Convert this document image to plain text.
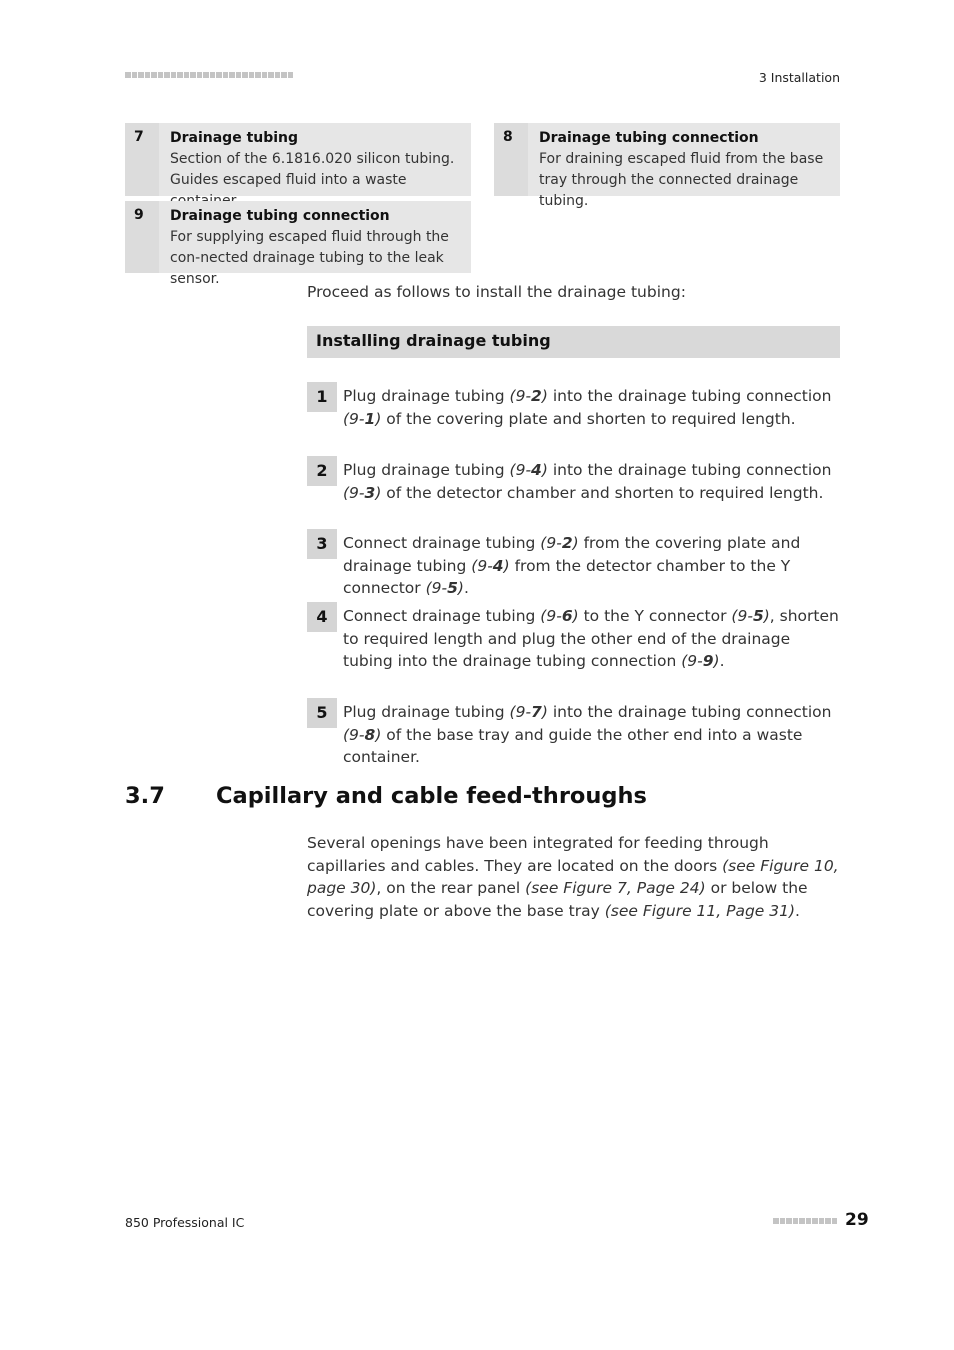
3 Installation
7	Drainage tubing
Section of the 6.1816.020 silicon tubing. Guides escaped fluid into a waste
8	Drainage tubing connection
For draining escaped fluid from the base tray through the connected drainage tubing.
9	Drainage tubing connection
For supplying escaped fluid through the con-nected drainage tubing to the leak sensor.
Proceed as follows to install the drainage tubing:
Installing drainage tubing
1 Plug drainage tubing (9-2) into the drainage tubing connection (9-1) of the covering plate and shorten to required length.
2 Plug drainage tubing (9-4) into the drainage tubing connection (9-3) of the detector chamber and shorten to required length.
3 Connect drainage tubing (9-2) from the covering plate and drainage tubing (9-4) from the detector chamber to the Y connector (9-5).
4 Connect drainage tubing (9-6) to the Y connector (9-5), shorten to required length and plug the other end of the drainage tubing into the drainage tubing connection (9-9).
5 Plug drainage tubing (9-7) into the drainage tubing connection (9-8) of the base tray and guide the other end into a waste container.
3.7 Capillary and cable feed-throughs
Several openings have been integrated for feeding through capillaries and cables. They are located on the doors (see Figure 10, page 30), on the rear panel (see Figure 7, Page 24) or below the covering plate or above the base tray (see Figure 11, Page 31).
850 Professional IC	29
